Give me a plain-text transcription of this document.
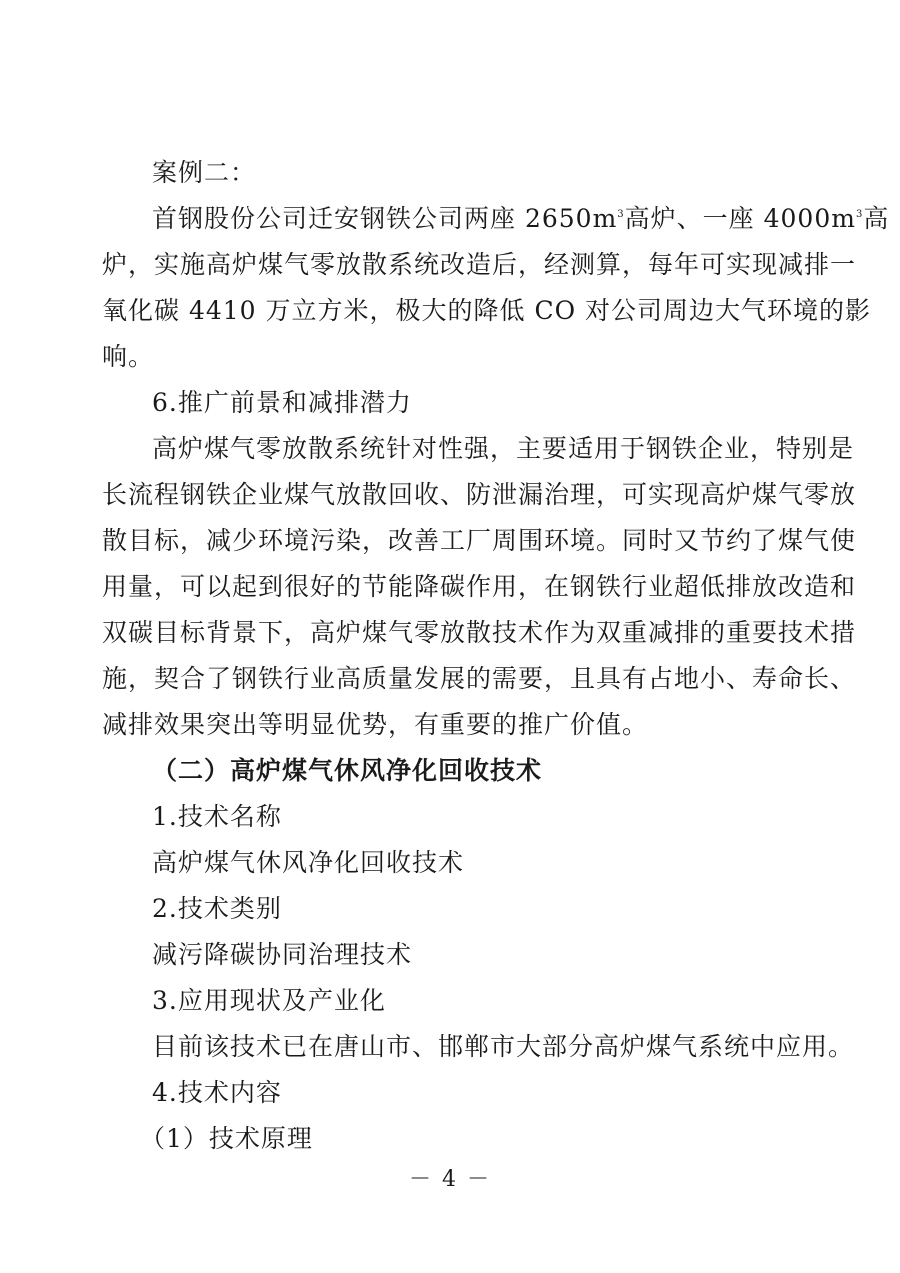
案例二：
首钢股份公司迁安钢铁公司两座 $2650m^3$高炉、一座 $4000m^3$高
炉，实施高炉煤气零放散系统改造后，经测算，每年可实现减排一
氧化碳 4410 万立方米，极大的降低 CO 对公司周边大气环境的影
响。
6.推广前景和减排潜力
高炉煤气零放散系统针对性强，主要适用于钢铁企业，特别是
长流程钢铁企业煤气放散回收、防泄漏治理，可实现高炉煤气零放
散目标，减少环境污染，改善工厂周围环境。同时又节约了煤气使
用量，可以起到很好的节能降碳作用，在钢铁行业超低排放改造和
双碳目标背景下，高炉煤气零放散技术作为双重减排的重要技术措
施，契合了钢铁行业高质量发展的需要，且具有占地小、寿命长、
减排效果突出等明显优势，有重要的推广价值。
（二）高炉煤气休风净化回收技术
1.技术名称
高炉煤气休风净化回收技术
2.技术类别
减污降碳协同治理技术
3.应用现状及产业化
目前该技术已在唐山市、邯郸市大部分高炉煤气系统中应用。
4.技术内容
（1）技术原理
－ 4 －
